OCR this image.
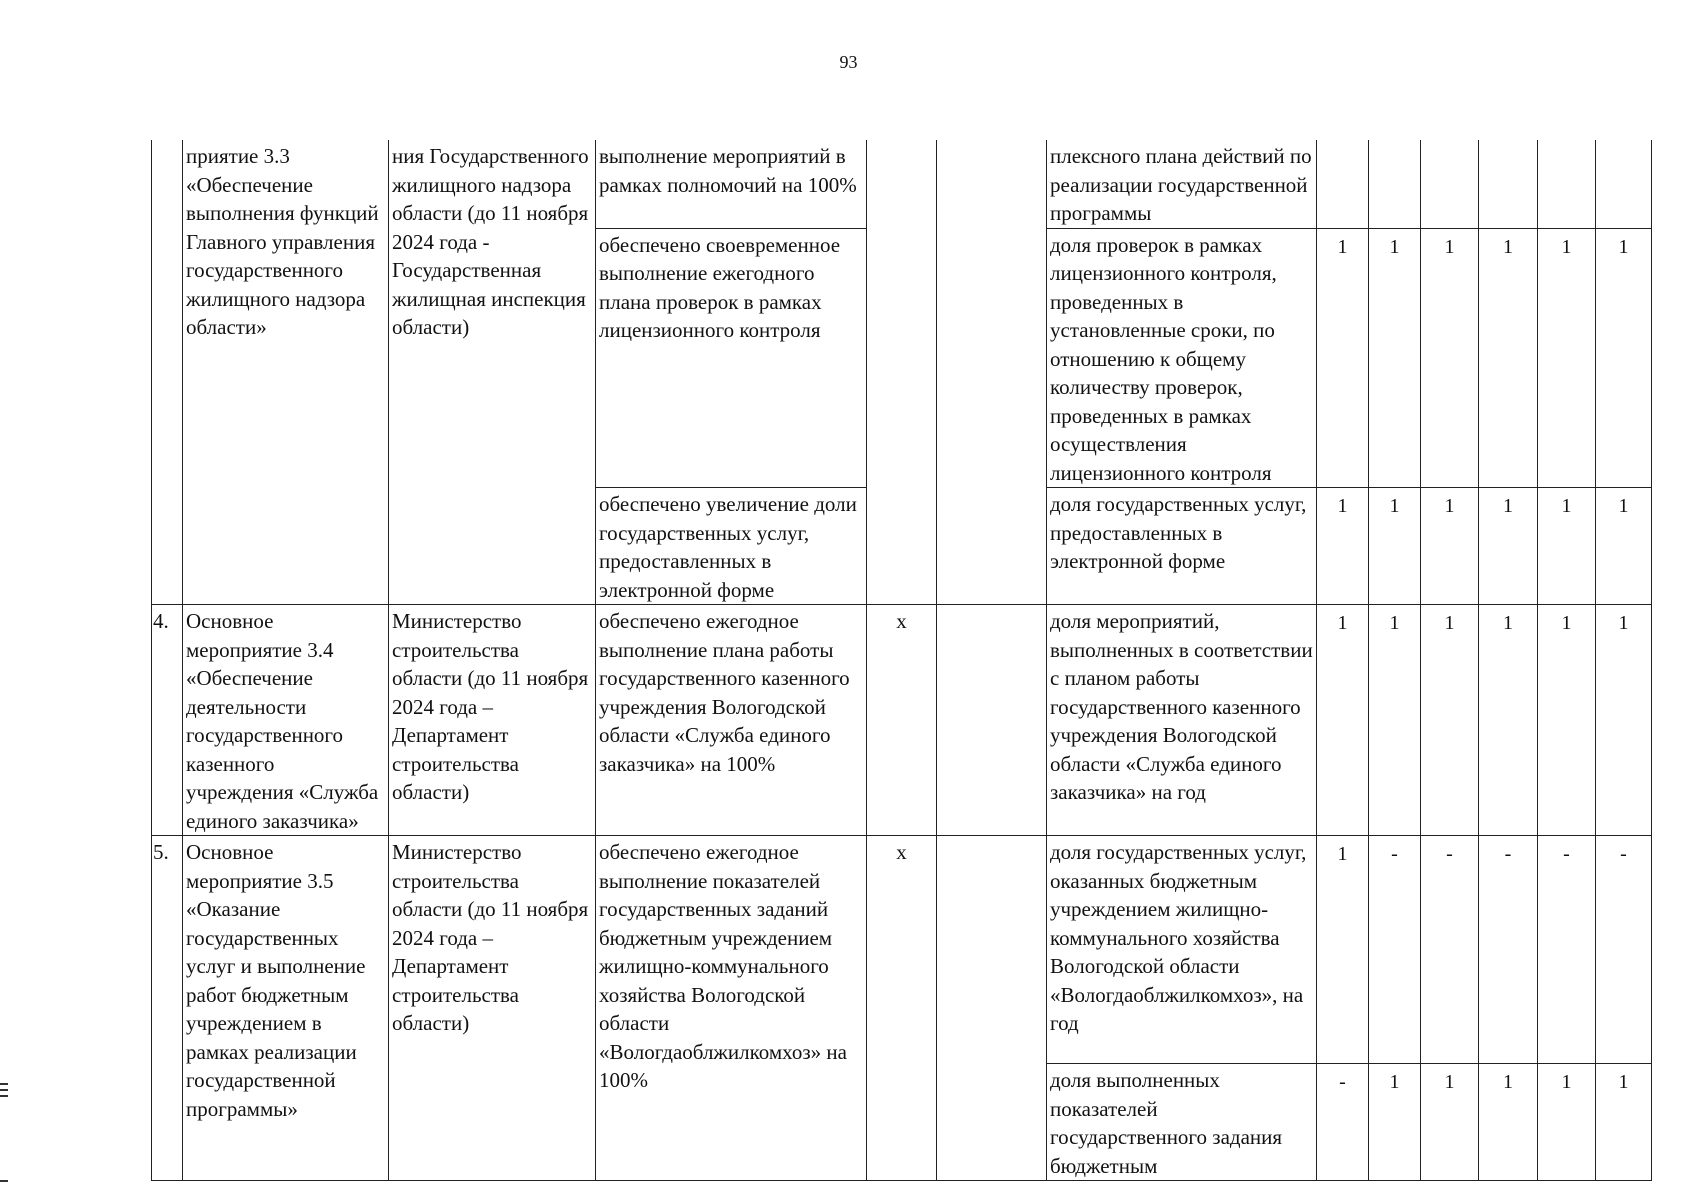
93
	приятие 3.3 «Обеспечение выполнения функций Главного управления государственного жилищного надзора области»	ния Государственного жилищного надзора области (до 11 ноября 2024 года - Государственная жилищная инспекция области)	выполнение мероприятий в рамках полномочий на 100%			плексного плана действий по реализации государственной программы						
			обеспечено своевременное выполнение ежегодного плана проверок в рамках лицензионного контроля			доля проверок в рамках лицензионного контроля, проведенных в установленные сроки, по отношению к общему количеству проверок, проведенных в рамках осуществления лицензионного контроля	1	1	1	1	1	1
			обеспечено увеличение доли государственных услуг, предоставленных в электронной форме			доля государственных услуг, предоставленных в электронной форме	1	1	1	1	1	1
4.	Основное мероприятие 3.4 «Обеспечение деятельности государственного казенного учреждения «Служба единого заказчика»	Министерство строительства области (до 11 ноября 2024 года – Департамент строительства области)	обеспечено ежегодное выполнение плана работы государственного казенного учреждения Вологодской области «Служба единого заказчика» на 100%	х		доля мероприятий, выполненных в соответствии с планом работы государственного казенного учреждения Вологодской области «Служба единого заказчика» на год	1	1	1	1	1	1
5.	Основное мероприятие 3.5 «Оказание государственных услуг и выполнение работ бюджетным учреждением в рамках реализации государственной программы»	Министерство строительства области (до 11 ноября 2024 года – Департамент строительства области)	обеспечено ежегодное выполнение показателей государственных заданий бюджетным учреждением жилищно-коммунального хозяйства Вологодской области «Вологдаоблжилкомхоз» на 100%	х		доля государственных услуг, оказанных бюджетным учреждением жилищно-коммунального хозяйства Вологодской области «Вологдаоблжилкомхоз», на год	1	-	-	-	-	-
						доля выполненных показателей государственного задания бюджетным	-	1	1	1	1	1
